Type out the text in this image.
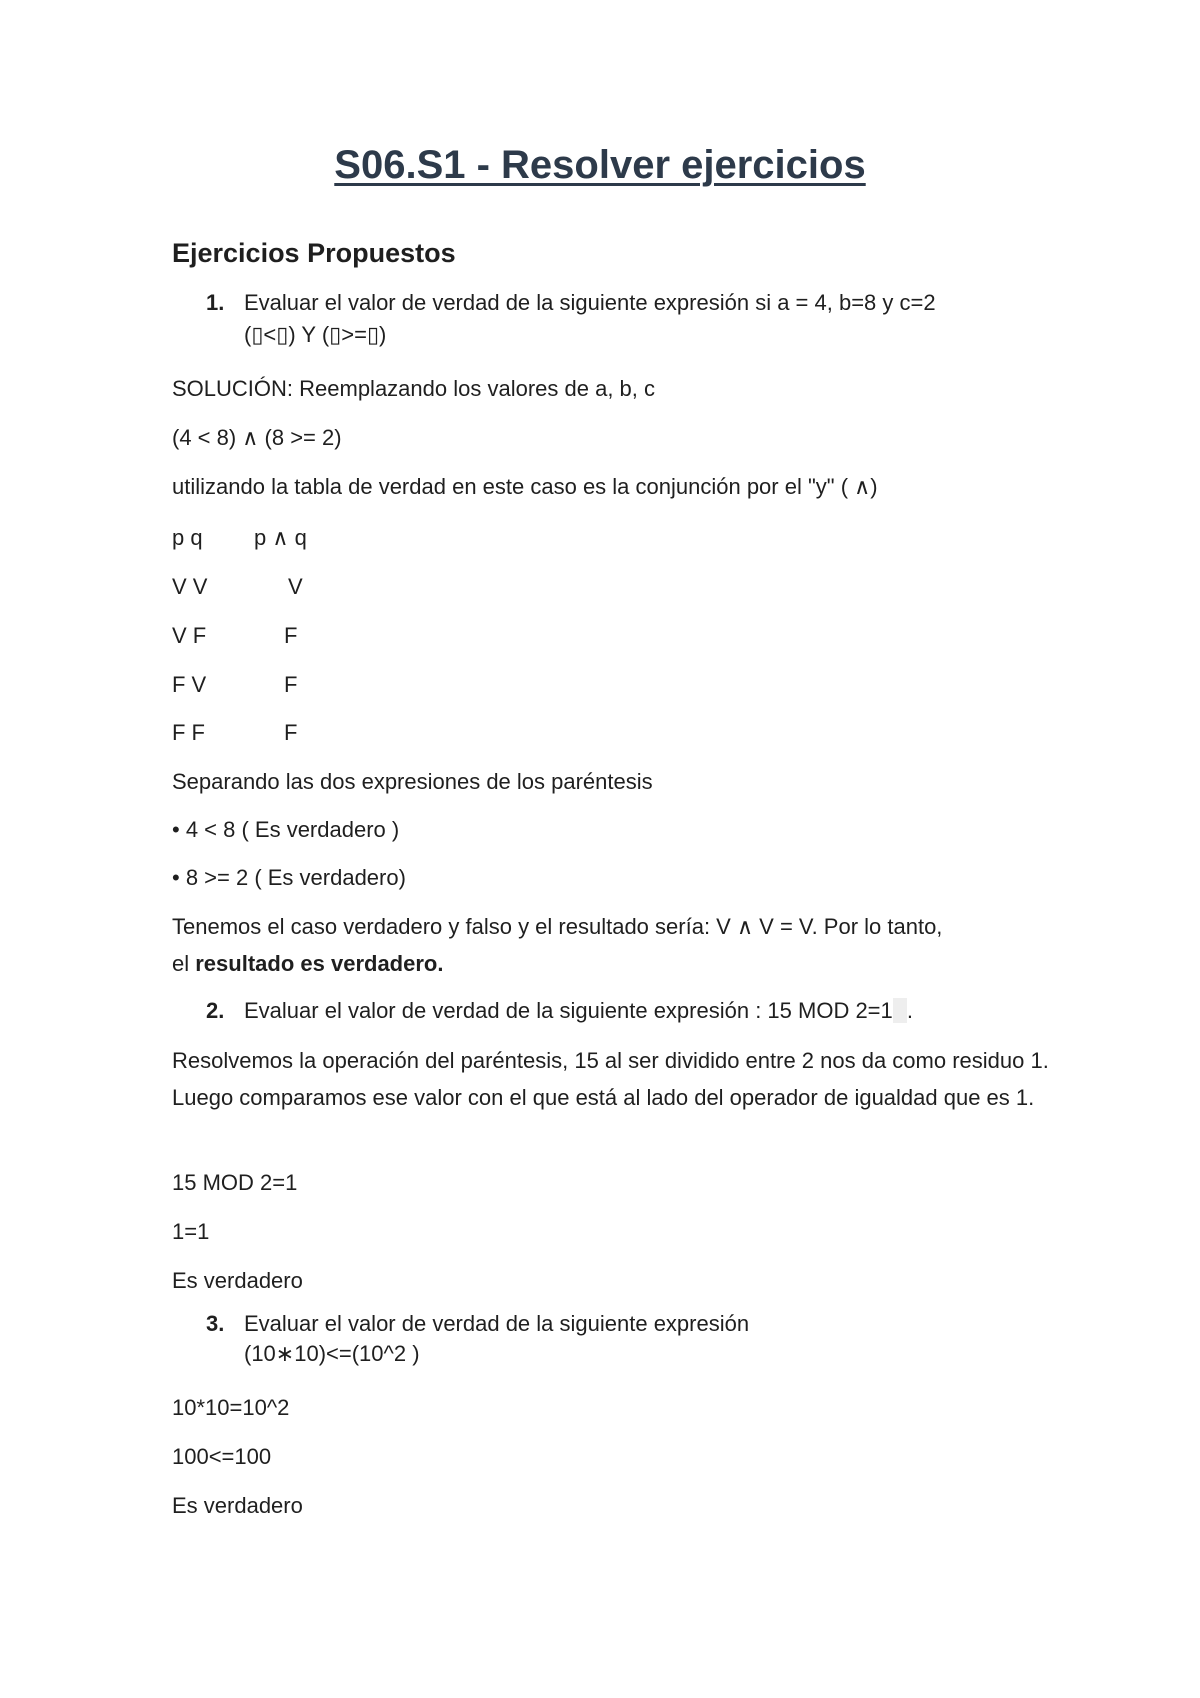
S06.S1 - Resolver ejercicios
Ejercicios Propuestos
1. Evaluar el valor de verdad de la siguiente expresión si a = 4, b=8 y c=2
(▯<▯) Y (▯>=▯)
SOLUCIÓN: Reemplazando los valores de a, b, c
(4 < 8) ∧ (8 >= 2)
utilizando la tabla de verdad en este caso es la conjunción por el "y" ( ∧)
p q p ∧ q
V V	V
V F	F
F V	F
F F	F
Separando las dos expresiones de los paréntesis
• 4 < 8 ( Es verdadero )
• 8 >= 2 ( Es verdadero)
Tenemos el caso verdadero y falso y el resultado sería: V ∧ V = V. Por lo tanto,
el resultado es verdadero.
2. Evaluar el valor de verdad de la siguiente expresión : 15 MOD 2=1 .
Resolvemos la operación del paréntesis, 15 al ser dividido entre 2 nos da como residuo 1. Luego comparamos ese valor con el que está al lado del operador de igualdad que es 1.
15 MOD 2=1
1=1
Es verdadero
3. Evaluar el valor de verdad de la siguiente expresión
(10∗10)<=(10^2 )
10*10=10^2
100<=100
Es verdadero
